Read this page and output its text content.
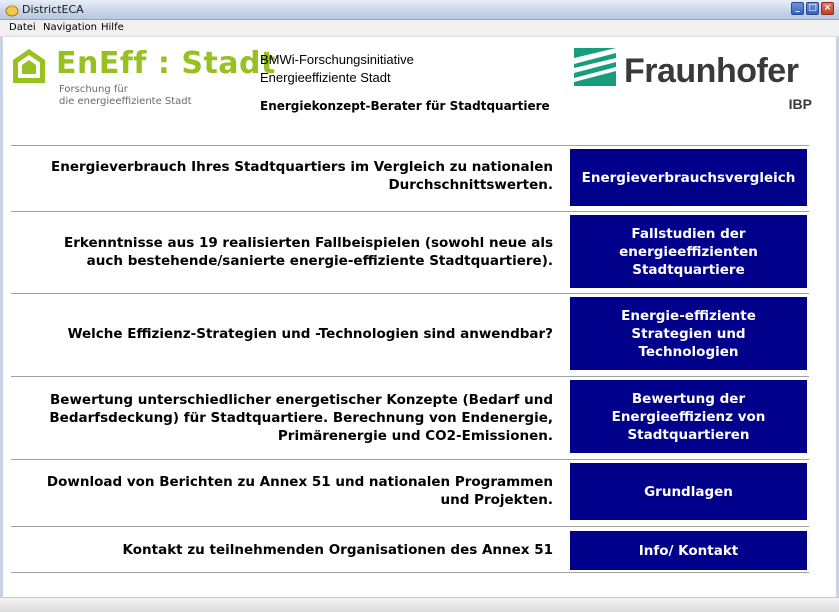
DistrictECA	_ □ ×
Datei Navigation Hilfe
EnEff : Stadt
Forschung für
die energieeffiziente Stadt
BMWi-Forschungsinitiative
Energieeffiziente Stadt
Energiekonzept-Berater für Stadtquartiere
Fraunhofer
IBP
Energieverbrauch Ihres Stadtquartiers im Vergleich zu nationalen
Durchschnittswerten. Energieverbrauchsvergleich
Erkenntnisse aus 19 realisierten Fallbeispielen (sowohl neue als
auch bestehende/sanierte energie-effiziente Stadtquartiere).
Fallstudien der
energieeffizienten
Stadtquartiere
Welche Effizienz-Strategien und -Technologien sind anwendbar?
Energie-effiziente
Strategien und
Technologien
Bewertung unterschiedlicher energetischer Konzepte (Bedarf und
Bedarfsdeckung) für Stadtquartiere. Berechnung von Endenergie,
Primärenergie und CO2-Emissionen.
Bewertung der
Energieeffizienz von
Stadtquartieren
Download von Berichten zu Annex 51 und nationalen Programmen
und Projekten.
Grundlagen
Kontakt zu teilnehmenden Organisationen des Annex 51	Info/ Kontakt
